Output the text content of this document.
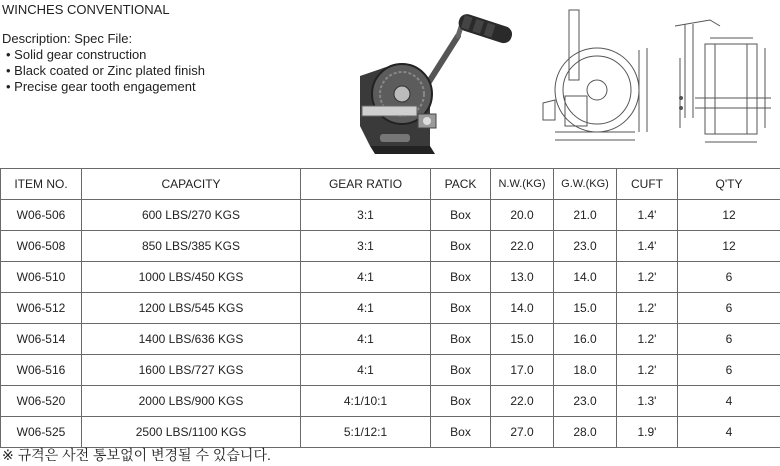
WINCHES CONVENTIONAL
Description: Spec File:
• Solid gear construction
• Black coated or Zinc plated finish
• Precise gear tooth engagement
ITEM NO.	CAPACITY	GEAR RATIO	PACK	N.W.(KG)	G.W.(KG)	CUFT	Q'TY
W06-506	600 LBS/270 KGS	3:1	Box	20.0	21.0	1.4'	12
W06-508	850 LBS/385 KGS	3:1	Box	22.0	23.0	1.4'	12
W06-510	1000 LBS/450 KGS	4:1	Box	13.0	14.0	1.2'	6
W06-512	1200 LBS/545 KGS	4:1	Box	14.0	15.0	1.2'	6
W06-514	1400 LBS/636 KGS	4:1	Box	15.0	16.0	1.2'	6
W06-516	1600 LBS/727 KGS	4:1	Box	17.0	18.0	1.2'	6
W06-520	2000 LBS/900 KGS	4:1/10:1	Box	22.0	23.0	1.3'	4
W06-525	2500 LBS/1100 KGS	5:1/12:1	Box	27.0	28.0	1.9'	4
※ 규격은 사전 통보없이 변경될 수 있습니다.
